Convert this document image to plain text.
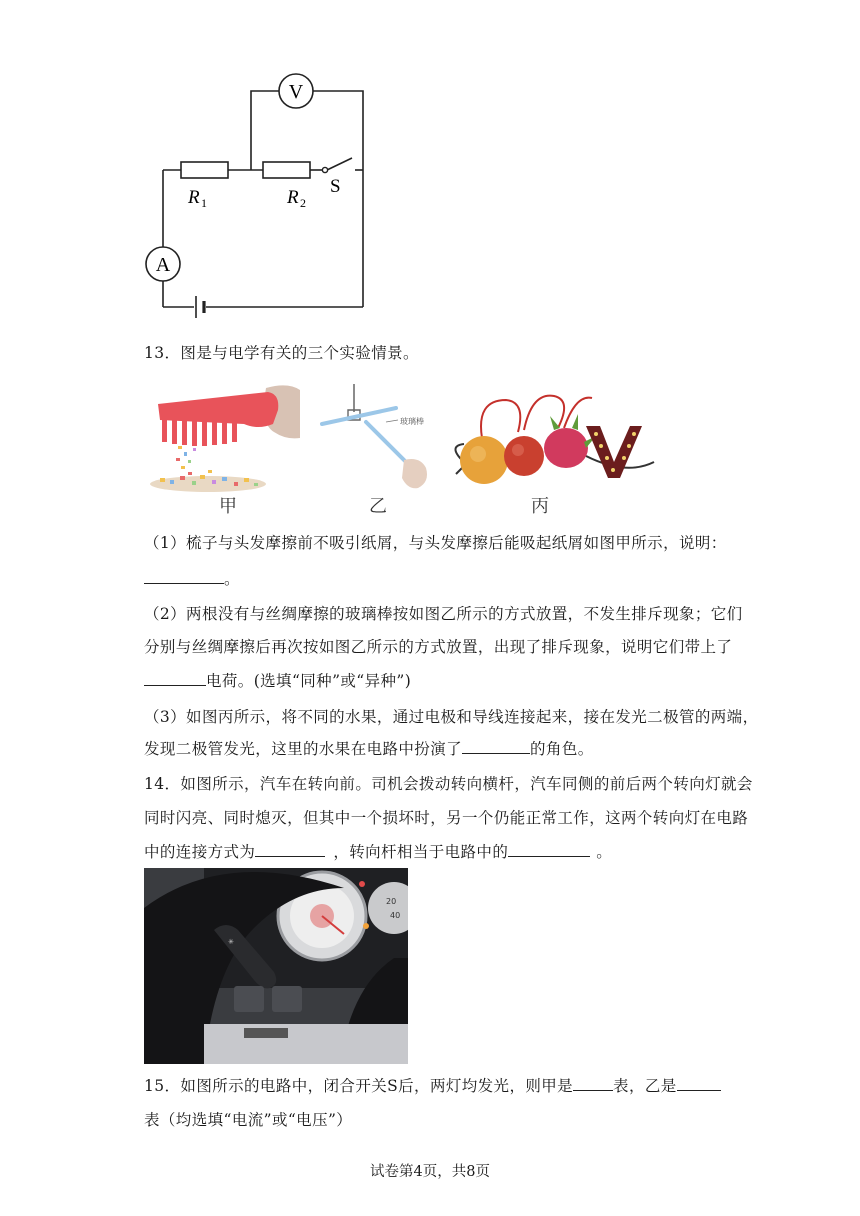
V
A
R 1	R 2
S
13．图是与电学有关的三个实验情景。
玻璃棒
甲	乙	丙
（1）梳子与头发摩擦前不吸引纸屑，与头发摩擦后能吸起纸屑如图甲所示，说明：
。
（2）两根没有与丝绸摩擦的玻璃棒按如图乙所示的方式放置，不发生排斥现象；它们
分别与丝绸摩擦后再次按如图乙所示的方式放置，出现了排斥现象，说明它们带上了
电荷。(选填“同种”或“异种”)
（3）如图丙所示，将不同的水果，通过电极和导线连接起来，接在发光二极管的两端，
发现二极管发光，这里的水果在电路中扮演了	的角色。
14．如图所示，汽车在转向前。司机会拨动转向横杆，汽车同侧的前后两个转向灯就会
同时闪亮、同时熄灭，但其中一个损坏时，另一个仍能正常工作，这两个转向灯在电路
中的连接方式为	，转向杆相当于电路中的	。
20
40
✳
15．如图所示的电路中，闭合开关S后，两灯均发光，则甲是	表，乙是
表（均选填“电流”或“电压”）
试卷第4页，共8页
